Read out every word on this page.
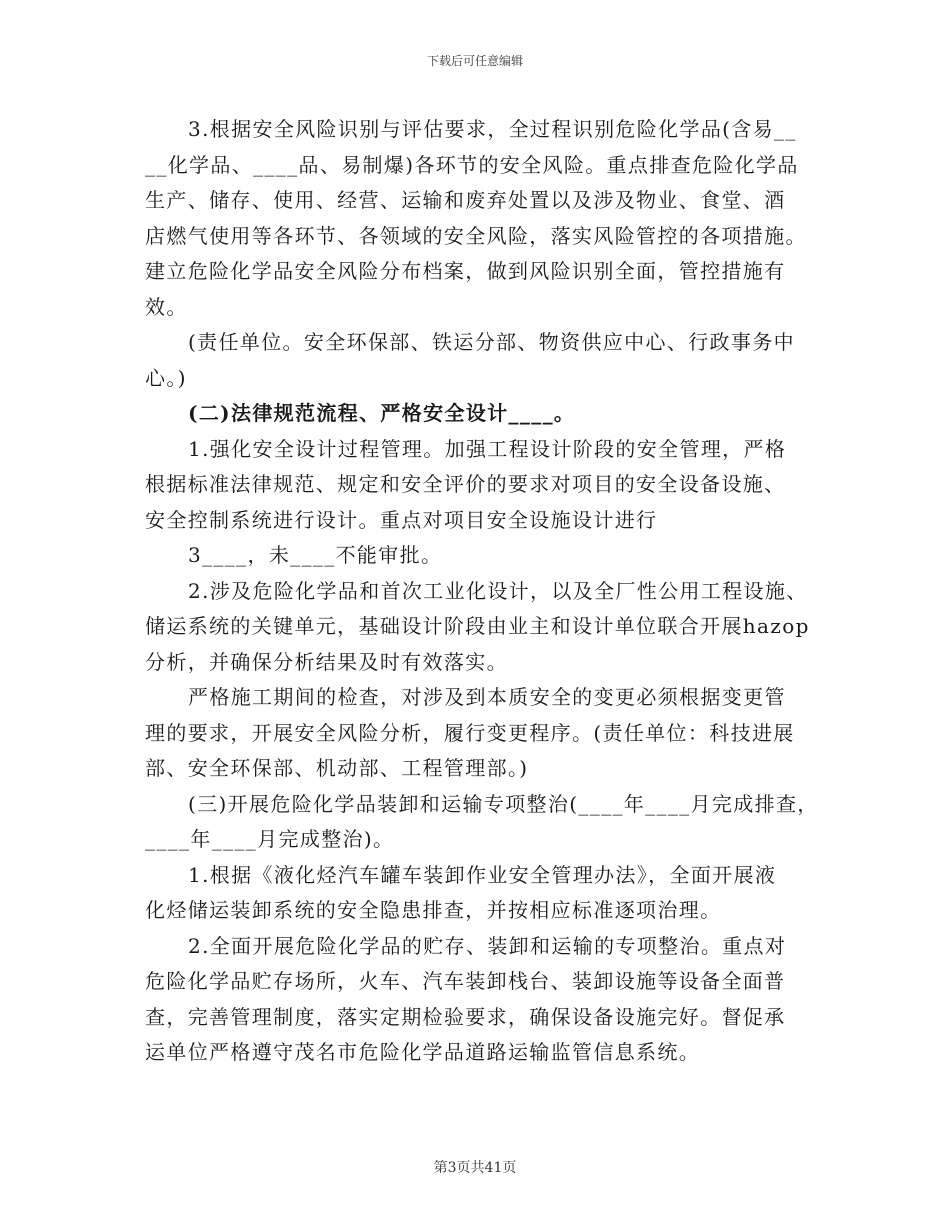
下载后可任意编辑
3.根据安全风险识别与评估要求，全过程识别危险化学品(含易__
__化学品、____品、易制爆)各环节的安全风险。重点排查危险化学品
生产、储存、使用、经营、运输和废弃处置以及涉及物业、食堂、酒
店燃气使用等各环节、各领域的安全风险，落实风险管控的各项措施。
建立危险化学品安全风险分布档案，做到风险识别全面，管控措施有
效。
(责任单位。安全环保部、铁运分部、物资供应中心、行政事务中
心。)
(二)法律规范流程、严格安全设计____。
1.强化安全设计过程管理。加强工程设计阶段的安全管理，严格
根据标准法律规范、规定和安全评价的要求对项目的安全设备设施、
安全控制系统进行设计。重点对项目安全设施设计进行
3____，未____不能审批。
2.涉及危险化学品和首次工业化设计，以及全厂性公用工程设施、
储运系统的关键单元，基础设计阶段由业主和设计单位联合开展hazop
分析，并确保分析结果及时有效落实。
严格施工期间的检查，对涉及到本质安全的变更必须根据变更管
理的要求，开展安全风险分析，履行变更程序。(责任单位：科技进展
部、安全环保部、机动部、工程管理部。)
(三)开展危险化学品装卸和运输专项整治(____年____月完成排查，
____年____月完成整治)。
1.根据《液化烃汽车罐车装卸作业安全管理办法》，全面开展液
化烃储运装卸系统的安全隐患排查，并按相应标准逐项治理。
2.全面开展危险化学品的贮存、装卸和运输的专项整治。重点对
危险化学品贮存场所，火车、汽车装卸栈台、装卸设施等设备全面普
查，完善管理制度，落实定期检验要求，确保设备设施完好。督促承
运单位严格遵守茂名市危险化学品道路运输监管信息系统。
第3页共41页
